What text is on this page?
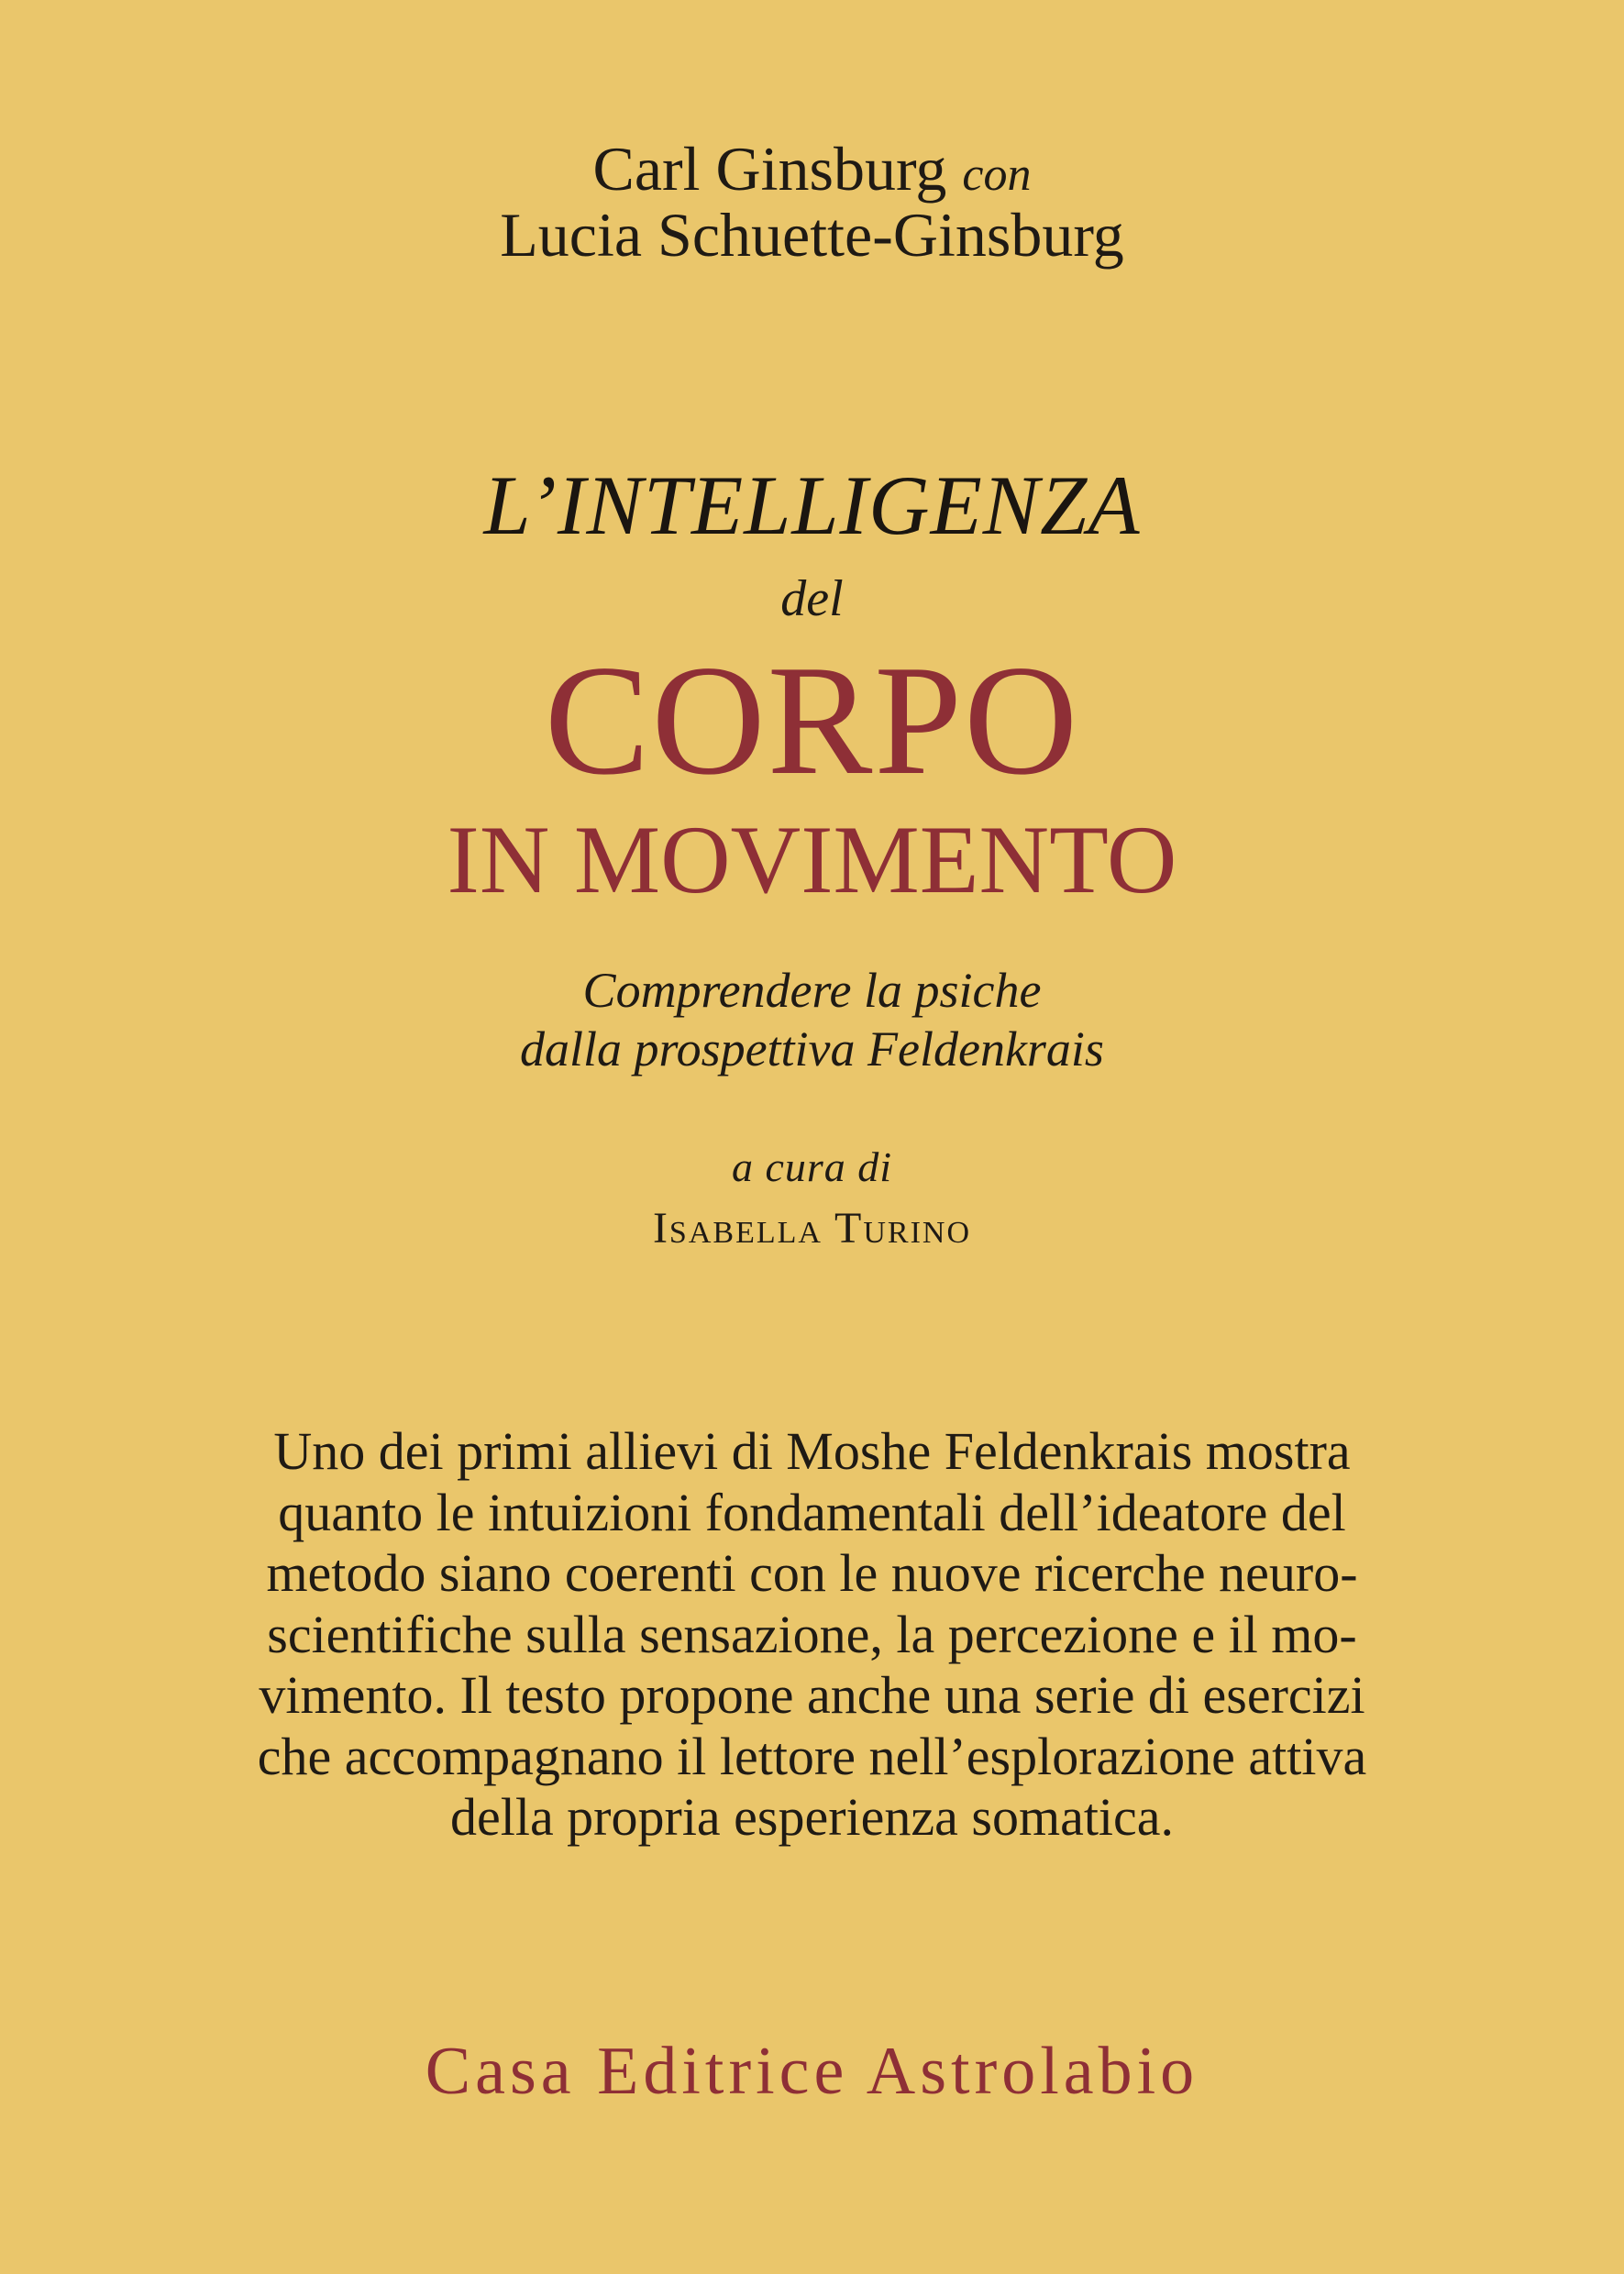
Carl Ginsburg con
Lucia Schuette-Ginsburg
L’INTELLIGENZA
del
CORPO
IN MOVIMENTO
Comprendere la psiche
dalla prospettiva Feldenkrais
a cura di
Isabella Turino
Uno dei primi allievi di Moshe Feldenkrais mostra
quanto le intuizioni fondamentali dell’ideatore del
metodo siano coerenti con le nuove ricerche neuro-
scientifiche sulla sensazione, la percezione e il mo-
vimento. Il testo propone anche una serie di esercizi
che accompagnano il lettore nell’esplorazione attiva
della propria esperienza somatica.
Casa Editrice Astrolabio
